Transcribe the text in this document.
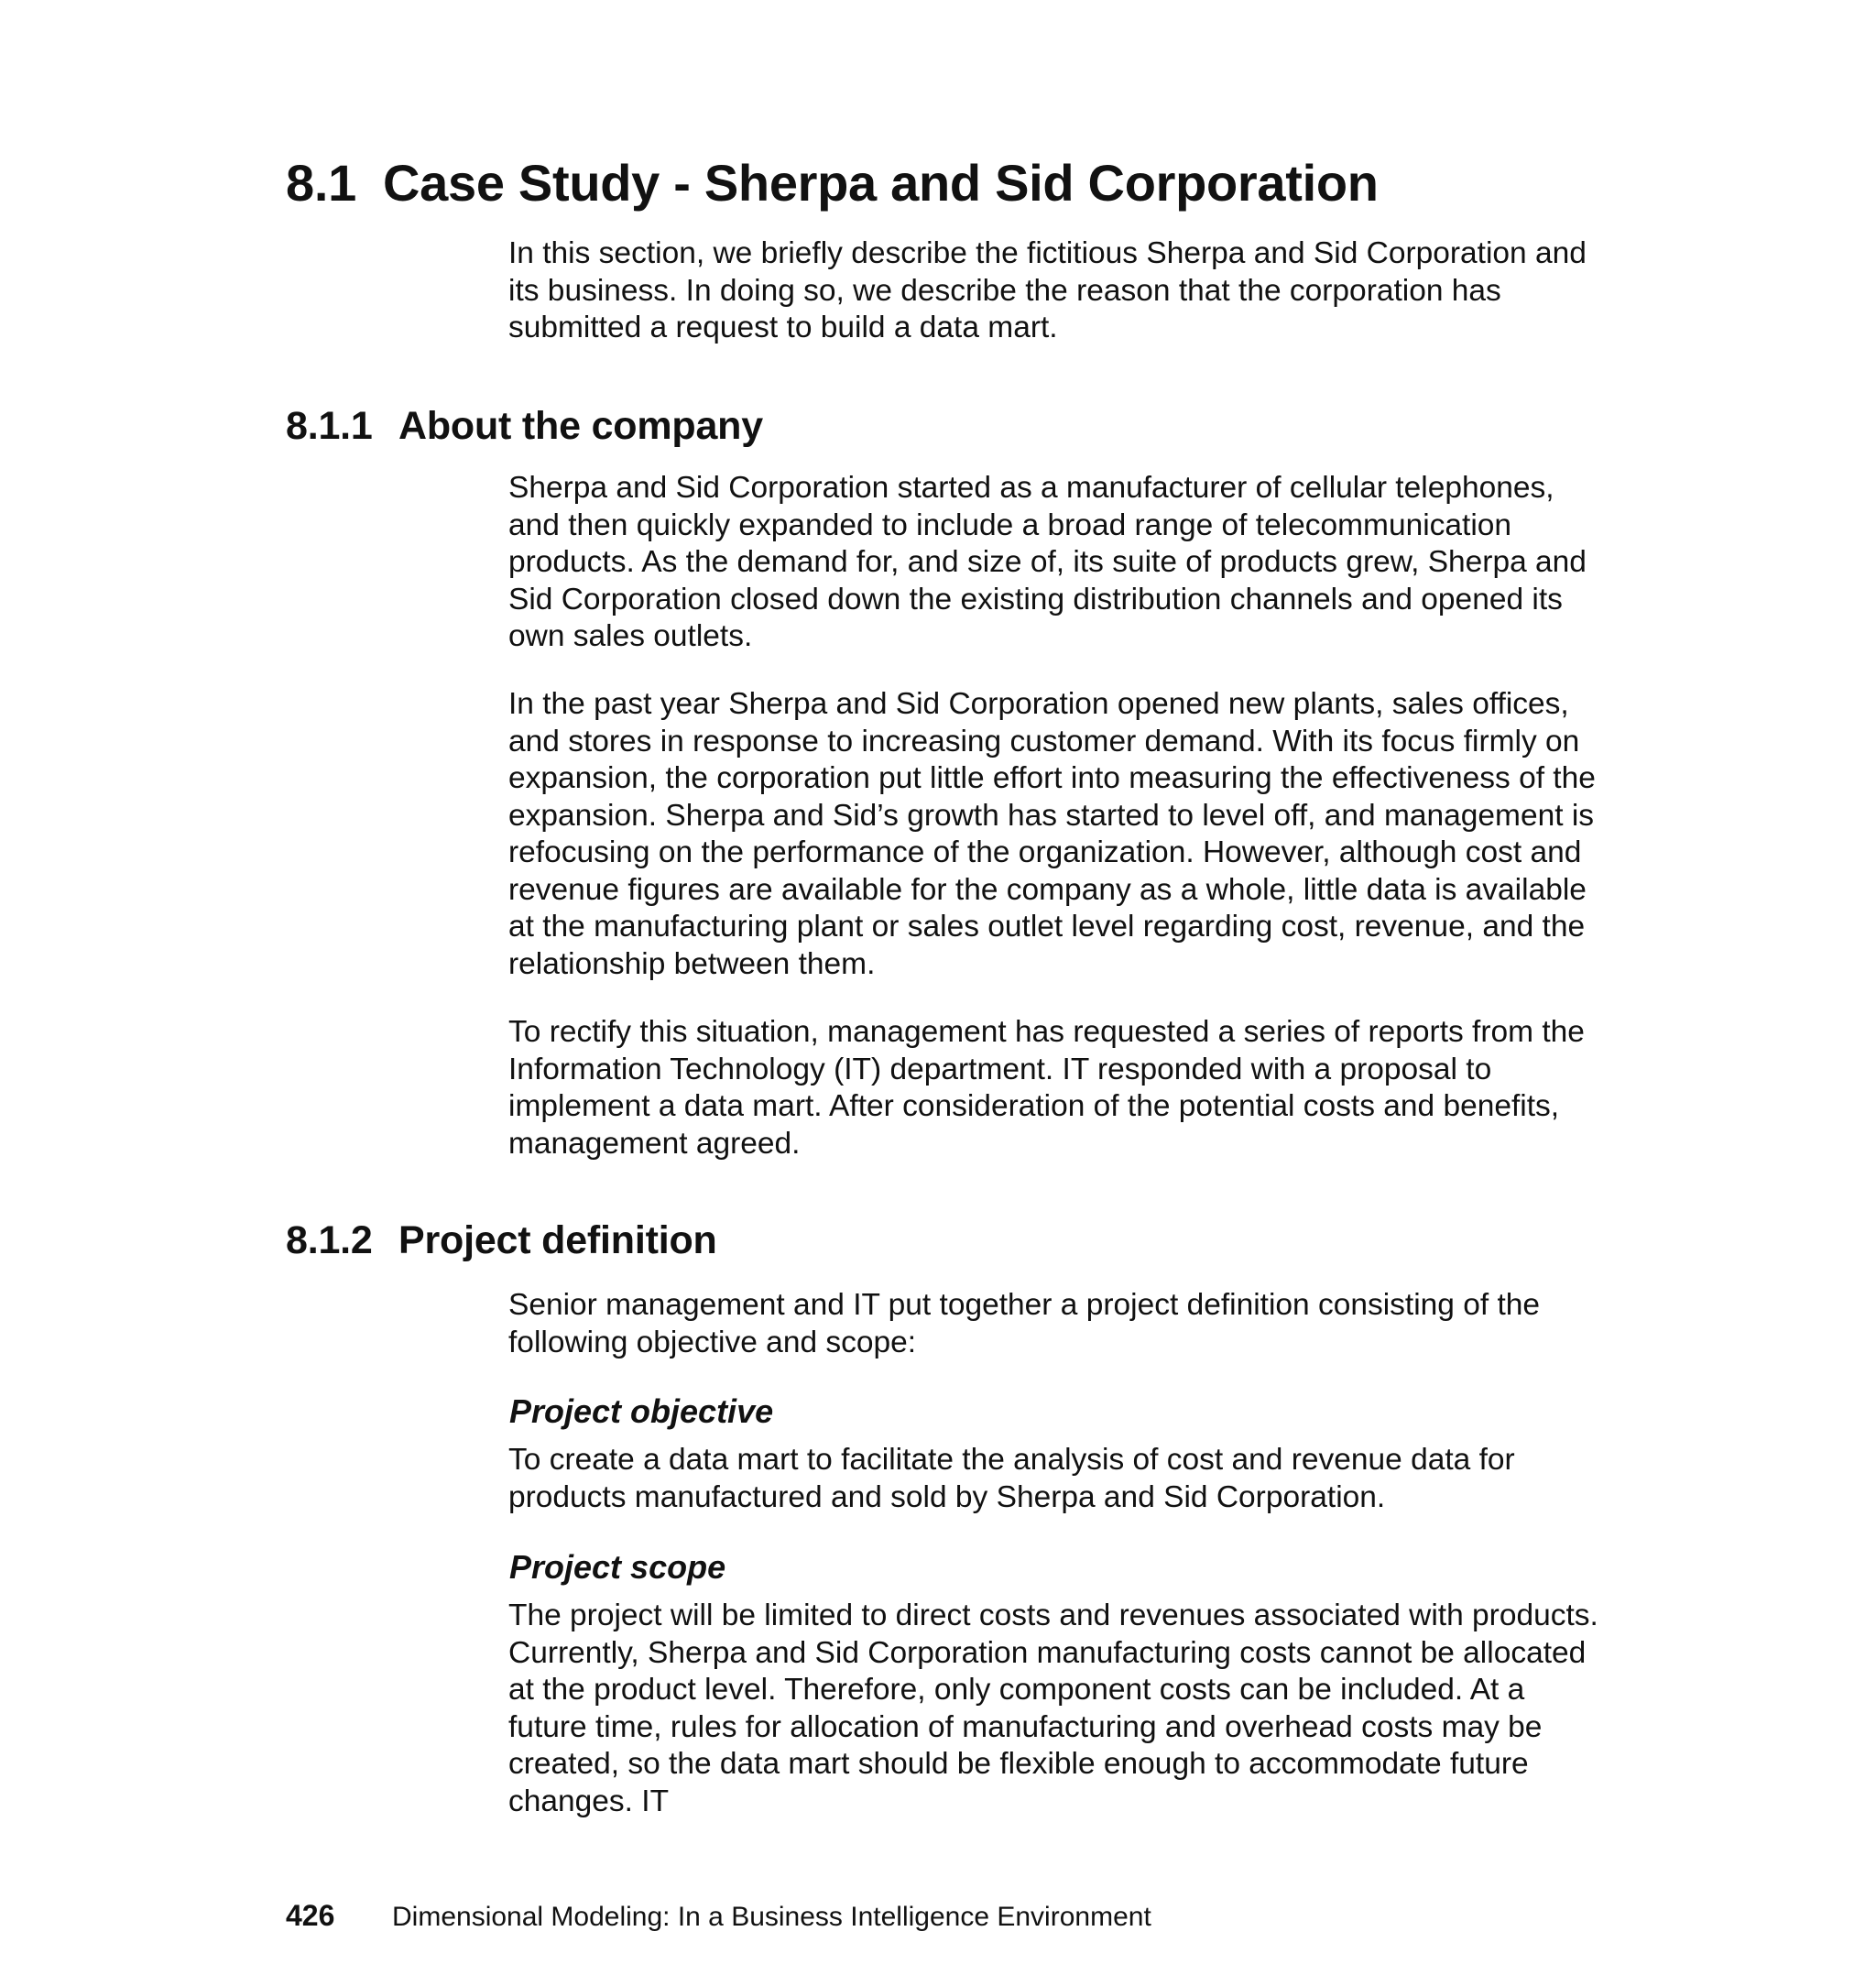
8.1 Case Study - Sherpa and Sid Corporation

In this section, we briefly describe the fictitious Sherpa and Sid Corporation and its business. In doing so, we describe the reason that the corporation has submitted a request to build a data mart.

8.1.1 About the company

Sherpa and Sid Corporation started as a manufacturer of cellular telephones, and then quickly expanded to include a broad range of telecommunication products. As the demand for, and size of, its suite of products grew, Sherpa and Sid Corporation closed down the existing distribution channels and opened its own sales outlets.

In the past year Sherpa and Sid Corporation opened new plants, sales offices, and stores in response to increasing customer demand. With its focus firmly on expansion, the corporation put little effort into measuring the effectiveness of the expansion. Sherpa and Sid’s growth has started to level off, and management is refocusing on the performance of the organization. However, although cost and revenue figures are available for the company as a whole, little data is available at the manufacturing plant or sales outlet level regarding cost, revenue, and the relationship between them.

To rectify this situation, management has requested a series of reports from the Information Technology (IT) department. IT responded with a proposal to implement a data mart. After consideration of the potential costs and benefits, management agreed.

8.1.2 Project definition

Senior management and IT put together a project definition consisting of the following objective and scope:

Project objective

To create a data mart to facilitate the analysis of cost and revenue data for products manufactured and sold by Sherpa and Sid Corporation.

Project scope

The project will be limited to direct costs and revenues associated with products. Currently, Sherpa and Sid Corporation manufacturing costs cannot be allocated at the product level. Therefore, only component costs can be included. At a future time, rules for allocation of manufacturing and overhead costs may be created, so the data mart should be flexible enough to accommodate future changes. IT

426 Dimensional Modeling: In a Business Intelligence Environment
